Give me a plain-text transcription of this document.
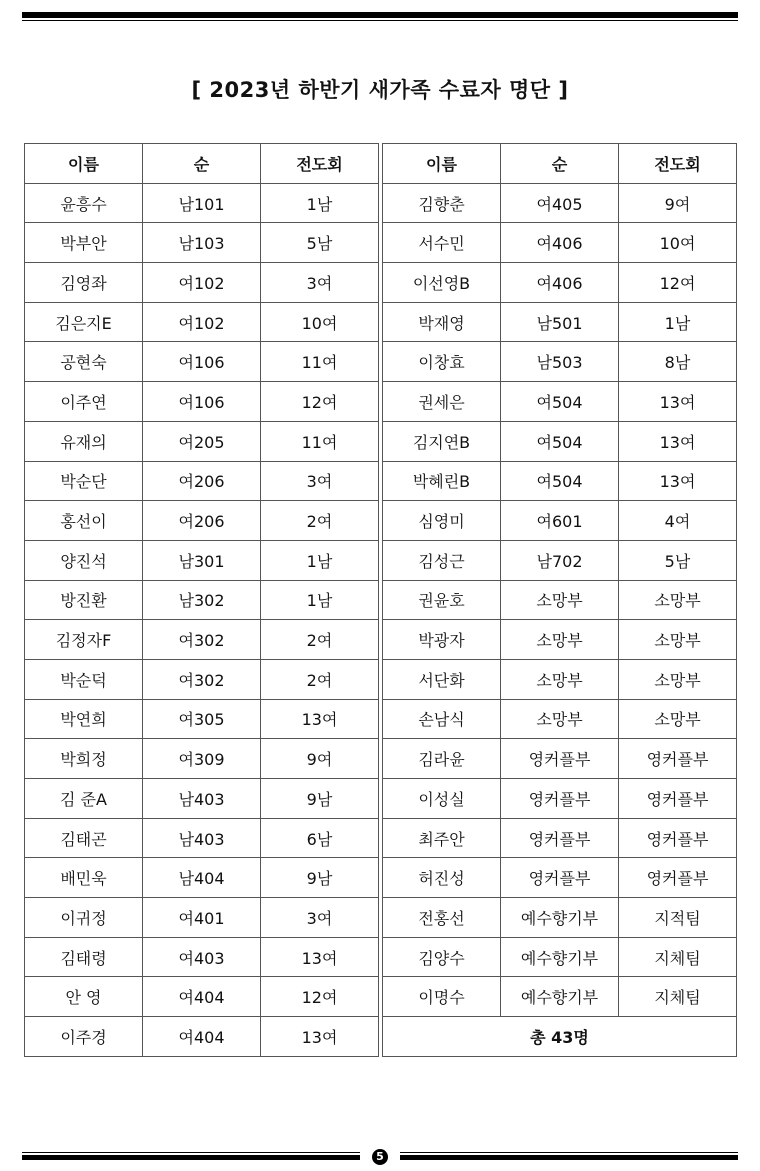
[ 2023년 하반기 새가족 수료자 명단 ]
이름	순	전도회
윤흥수	남101	1남
박부안	남103	5남
김영좌	여102	3여
김은지E	여102	10여
공현숙	여106	11여
이주연	여106	12여
유재의	여205	11여
박순단	여206	3여
홍선이	여206	2여
양진석	남301	1남
방진환	남302	1남
김정자F	여302	2여
박순덕	여302	2여
박연희	여305	13여
박희정	여309	9여
김 준A	남403	9남
김태곤	남403	6남
배민욱	남404	9남
이귀정	여401	3여
김태령	여403	13여
안 영	여404	12여
이주경	여404	13여
이름	순	전도회
김향춘	여405	9여
서수민	여406	10여
이선영B	여406	12여
박재영	남501	1남
이창효	남503	8남
권세은	여504	13여
김지연B	여504	13여
박혜린B	여504	13여
심영미	여601	4여
김성근	남702	5남
권윤호	소망부	소망부
박광자	소망부	소망부
서단화	소망부	소망부
손남식	소망부	소망부
김라윤	영커플부	영커플부
이성실	영커플부	영커플부
최주안	영커플부	영커플부
허진성	영커플부	영커플부
전홍선	예수향기부	지적팀
김양수	예수향기부	지체팀
이명수	예수향기부	지체팀
총 43명		
5
